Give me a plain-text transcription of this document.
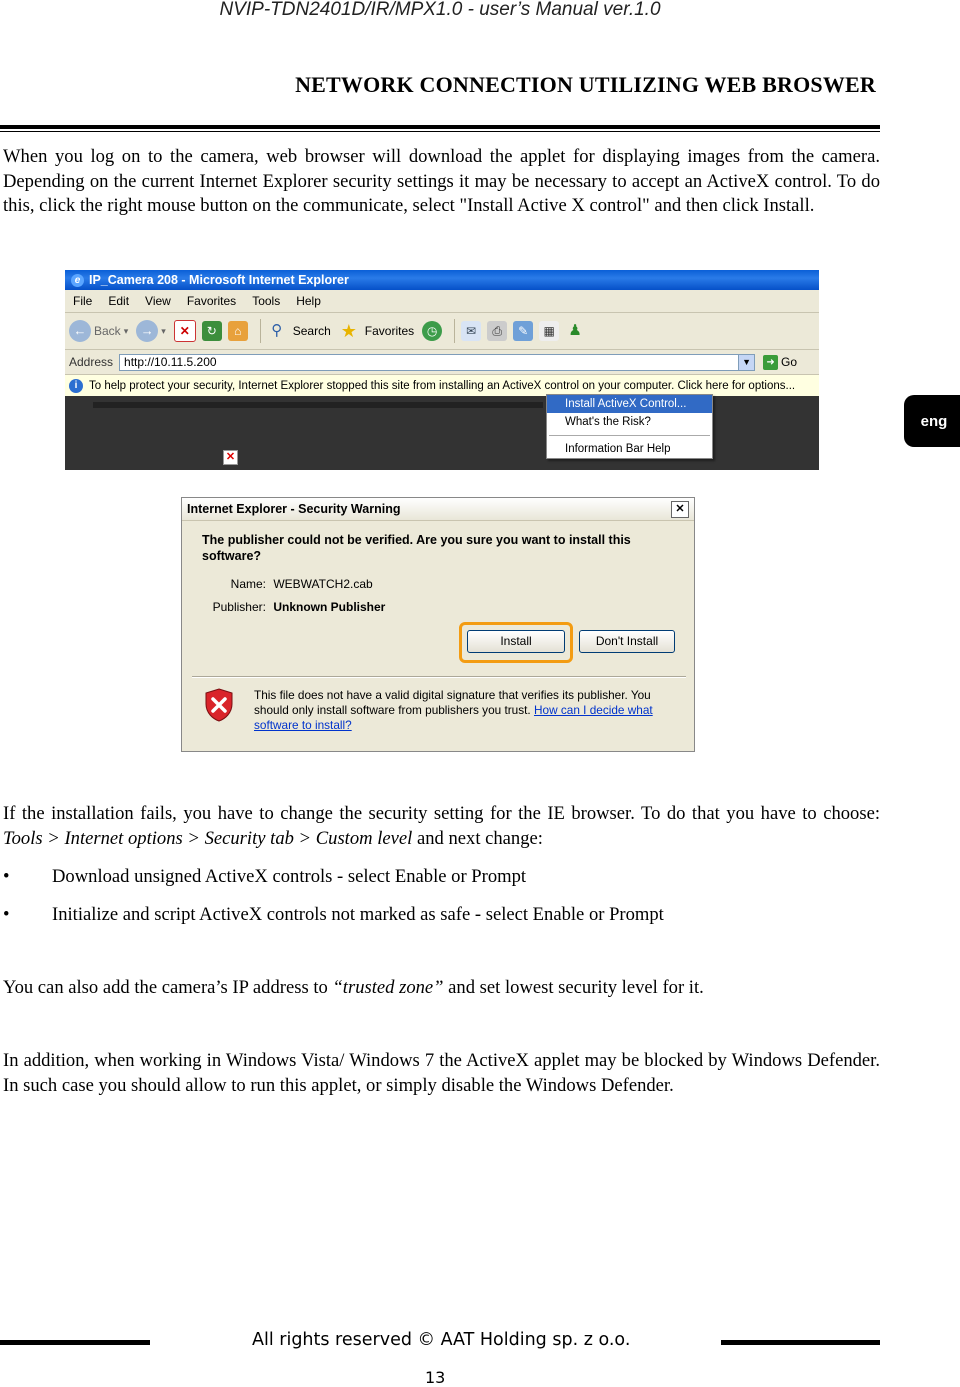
NVIP-TDN2401D/IR/MPX1.0 - user’s Manual ver.1.0
NETWORK CONNECTION UTILIZING WEB BROSWER
When you log on to the camera, web browser will download the applet for displaying images from the camera. Depending on the current Internet Explorer security settings it may be necessary to accept an ActiveX control. To do this, click the right mouse button on the communicate, select "Install Active X control" and then click Install.
eng
e IP_Camera 208 - Microsoft Internet Explorer
File Edit View Favorites Tools Help
← Back ▾ → ▾	✕	↻	⌂	⚲ Search ★ Favorites	◷	✉	⎙	✎	▦ ♟
Address http://10.11.5.200	▼	➜ Go
i	To help protect your security, Internet Explorer stopped this site from installing an ActiveX control on your computer. Click here for options...
✕
Install ActiveX Control...
What's the Risk?
Information Bar Help
Internet Explorer - Security Warning	✕
The publisher could not be verified. Are you sure you want to install this software?
Name: WEBWATCH2.cab
Publisher: Unknown Publisher
Install	Don't Install
This file does not have a valid digital signature that verifies its publisher. You should only install software from publishers you trust. How can I decide what software to install?
If the installation fails, you have to change the security setting for the IE browser. To do that you have to choose: Tools > Internet options > Security tab > Custom level and next change:
• Download unsigned ActiveX controls - select Enable or Prompt
• Initialize and script ActiveX controls not marked as safe - select Enable or Prompt
You can also add the camera’s IP address to “trusted zone” and set lowest security level for it.
In addition, when working in Windows Vista/ Windows 7 the ActiveX applet may be blocked by Windows Defender. In such case you should allow to run this applet, or simply disable the Windows Defender.
All rights reserved © AAT Holding sp. z o.o.
13
